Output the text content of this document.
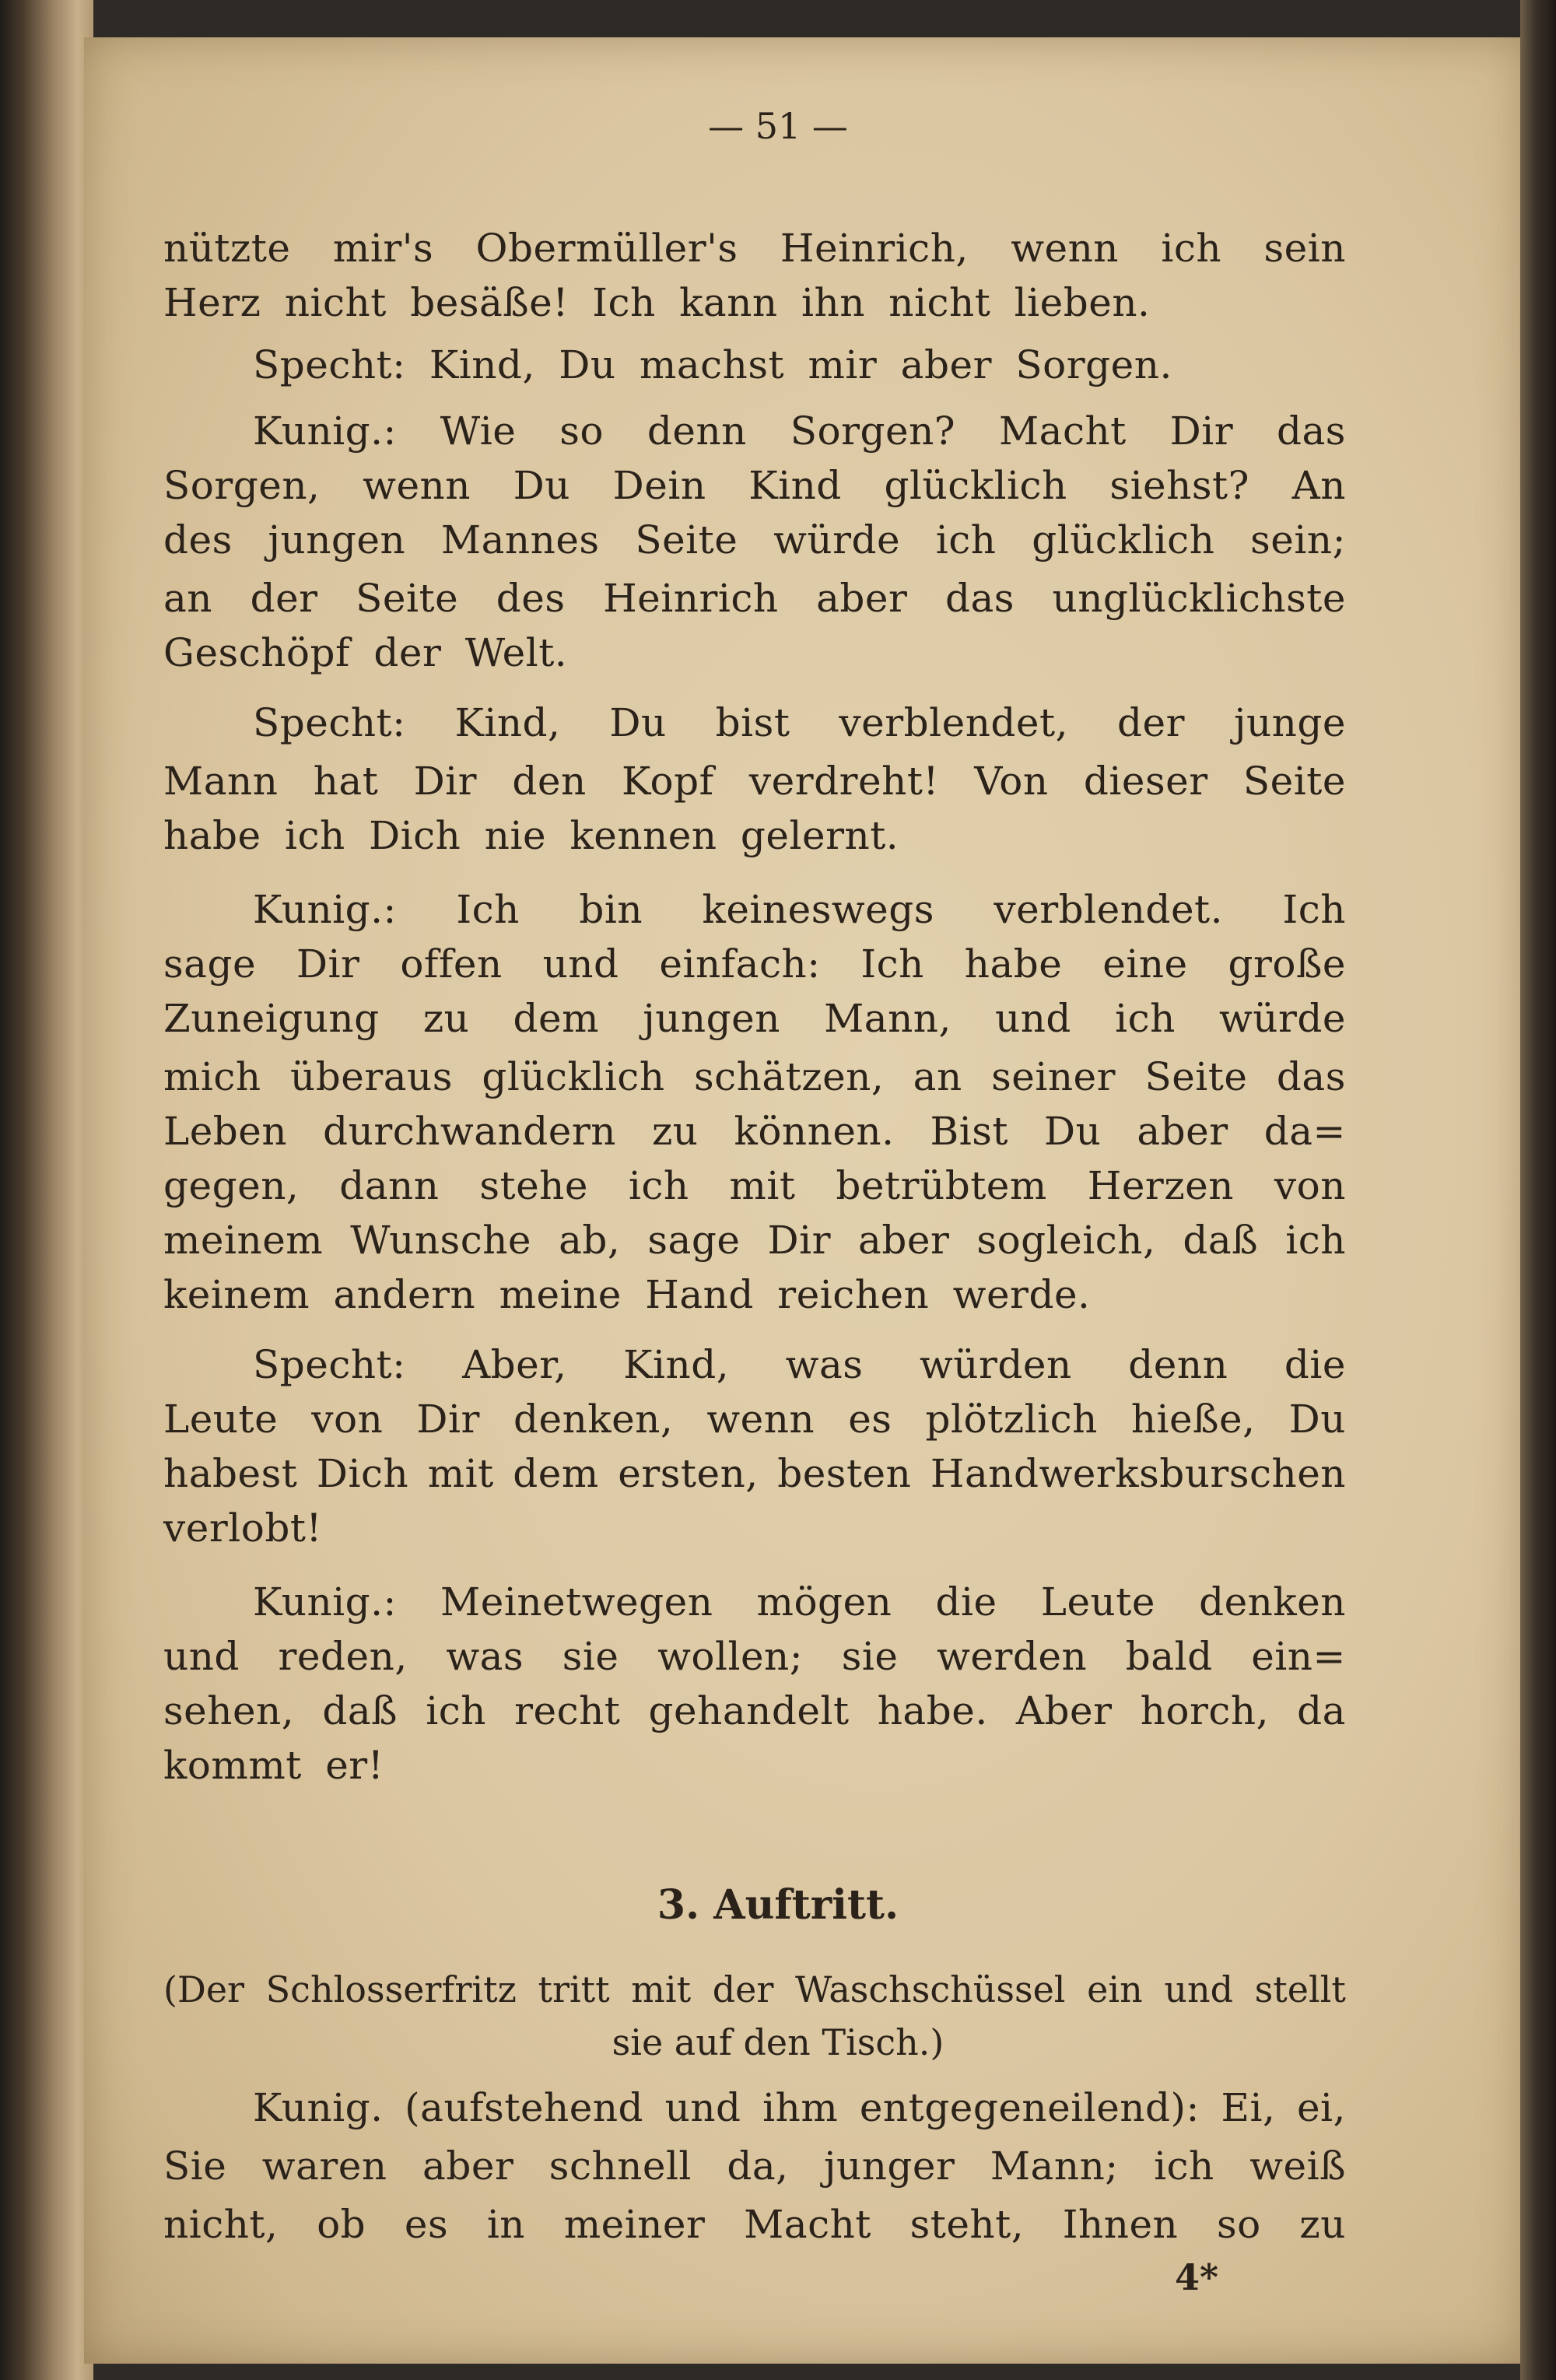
— 51 —
nützte mir's Obermüller's Heinrich, wenn ich sein
Herz nicht besäße! Ich kann ihn nicht lieben.
Specht: Kind, Du machst mir aber Sorgen.
Kunig.: Wie so denn Sorgen? Macht Dir das
Sorgen, wenn Du Dein Kind glücklich siehst? An
des jungen Mannes Seite würde ich glücklich sein;
an der Seite des Heinrich aber das unglücklichste
Geschöpf der Welt.
Specht: Kind, Du bist verblendet, der junge
Mann hat Dir den Kopf verdreht! Von dieser Seite
habe ich Dich nie kennen gelernt.
Kunig.: Ich bin keineswegs verblendet. Ich
sage Dir offen und einfach: Ich habe eine große
Zuneigung zu dem jungen Mann, und ich würde
mich überaus glücklich schätzen, an seiner Seite das
Leben durchwandern zu können. Bist Du aber da=
gegen, dann stehe ich mit betrübtem Herzen von
meinem Wunsche ab, sage Dir aber sogleich, daß ich
keinem andern meine Hand reichen werde.
Specht: Aber, Kind, was würden denn die
Leute von Dir denken, wenn es plötzlich hieße, Du
habest Dich mit dem ersten, besten Handwerksburschen
verlobt!
Kunig.: Meinetwegen mögen die Leute denken
und reden, was sie wollen; sie werden bald ein=
sehen, daß ich recht gehandelt habe. Aber horch, da
kommt er!
3. Auftritt.
(Der Schlosserfritz tritt mit der Waschschüssel ein und stellt
sie auf den Tisch.)
Kunig. (aufstehend und ihm entgegeneilend): Ei, ei,
Sie waren aber schnell da, junger Mann; ich weiß
nicht, ob es in meiner Macht steht, Ihnen so zu
4*
